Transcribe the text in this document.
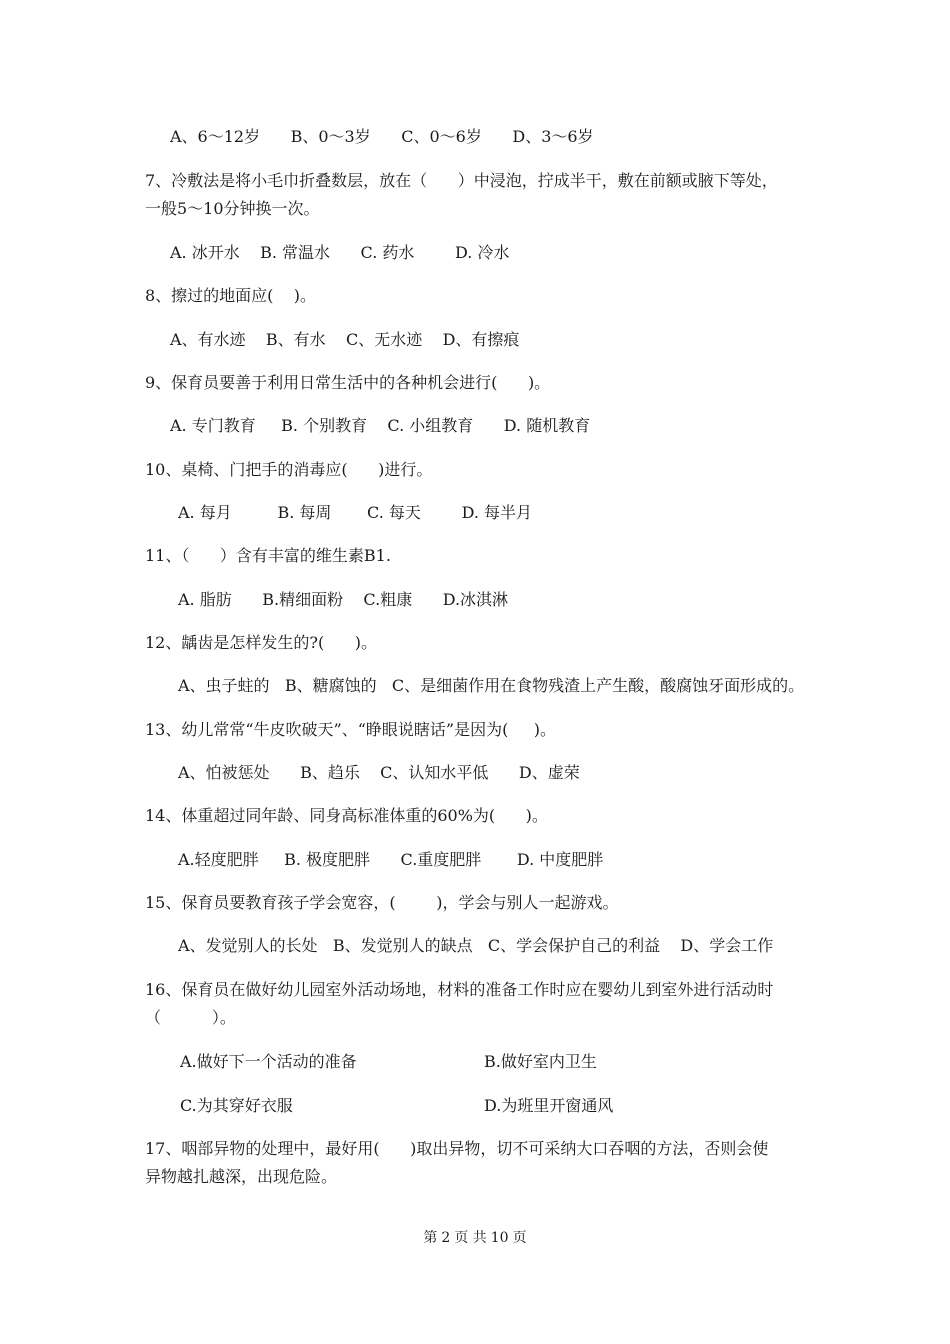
A、6～12岁      B、0～3岁      C、0～6岁      D、3～6岁
7、冷敷法是将小毛巾折叠数层，放在（      ）中浸泡，拧成半干，敷在前额或腋下等处，
一般5～10分钟换一次。
A. 冰开水    B. 常温水      C. 药水        D. 冷水
8、擦过的地面应(    )。
A、有水迹    B、有水    C、无水迹    D、有擦痕
9、保育员要善于利用日常生活中的各种机会进行(      )。
A. 专门教育     B. 个别教育    C. 小组教育      D. 随机教育
10、桌椅、门把手的消毒应(      )进行。
A. 每月         B. 每周       C. 每天        D. 每半月
11、（      ）含有丰富的维生素B1.
A. 脂肪      B.精细面粉    C.粗康      D.冰淇淋
12、龋齿是怎样发生的?(      )。
A、虫子蛀的   B、糖腐蚀的   C、是细菌作用在食物残渣上产生酸，酸腐蚀牙面形成的。
13、幼儿常常“牛皮吹破天”、“睁眼说瞎话”是因为(     )。
A、怕被惩处      B、趋乐    C、认知水平低      D、虚荣
14、体重超过同年龄、同身高标准体重的60%为(      )。
A.轻度肥胖     B. 极度肥胖      C.重度肥胖       D. 中度肥胖
15、保育员要教育孩子学会宽容，(        )，学会与别人一起游戏。
A、发觉别人的长处   B、发觉别人的缺点   C、学会保护自己的利益    D、学会工作
16、保育员在做好幼儿园室外活动场地，材料的准备工作时应在婴幼儿到室外进行活动时
（          ）。
A.做好下一个活动的准备	B.做好室内卫生
C.为其穿好衣服	D.为班里开窗通风
17、咽部异物的处理中，最好用(      )取出异物，切不可采纳大口吞咽的方法，否则会使
异物越扎越深，出现危险。
第 2 页 共 10 页
